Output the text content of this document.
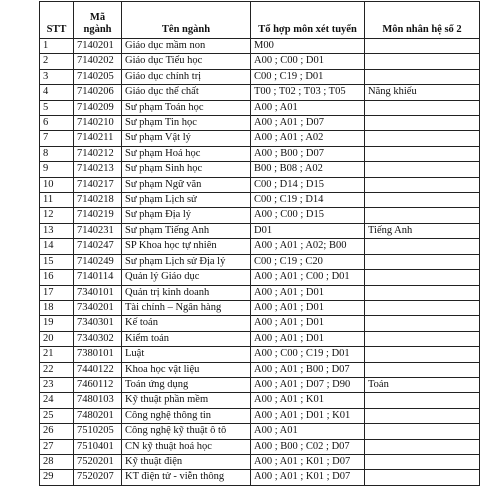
STT	Mã ngành	Tên ngành	Tổ hợp môn xét tuyển	Môn nhân hệ số 2
1	7140201	Giáo dục mầm non	M00	
2	7140202	Giáo dục Tiểu học	A00 ; C00 ; D01	
3	7140205	Giáo dục chính trị	C00 ; C19 ; D01	
4	7140206	Giáo dục thể chất	T00 ; T02 ; T03 ; T05	Năng khiếu
5	7140209	Sư phạm Toán học	A00 ; A01	
6	7140210	Sư phạm Tin học	A00 ; A01 ; D07	
7	7140211	Sư phạm Vật lý	A00 ; A01 ; A02	
8	7140212	Sư phạm Hoá học	A00 ; B00 ; D07	
9	7140213	Sư phạm Sinh học	B00 ; B08 ; A02	
10	7140217	Sư phạm Ngữ văn	C00 ; D14 ; D15	
11	7140218	Sư phạm Lịch sử	C00 ; C19 ; D14	
12	7140219	Sư phạm Địa lý	A00 ; C00 ; D15	
13	7140231	Sư phạm Tiếng Anh	D01	Tiếng Anh
14	7140247	SP Khoa học tự nhiên	A00 ; A01 ; A02; B00	
15	7140249	Sư phạm Lịch sử Địa lý	C00 ; C19 ; C20	
16	7140114	Quản lý Giáo dục	A00 ; A01 ; C00 ; D01	
17	7340101	Quản trị kinh doanh	A00 ; A01 ; D01	
18	7340201	Tài chính – Ngân hàng	A00 ; A01 ; D01	
19	7340301	Kế toán	A00 ; A01 ; D01	
20	7340302	Kiểm toán	A00 ; A01 ; D01	
21	7380101	Luật	A00 ; C00 ; C19 ; D01	
22	7440122	Khoa học vật liệu	A00 ; A01 ; B00 ; D07	
23	7460112	Toán ứng dụng	A00 ; A01 ; D07 ; D90	Toán
24	7480103	Kỹ thuật phần mềm	A00 ; A01 ; K01	
25	7480201	Công nghệ thông tin	A00 ; A01 ; D01 ; K01	
26	7510205	Công nghệ kỹ thuật ô tô	A00 ; A01	
27	7510401	CN kỹ thuật hoá học	A00 ; B00 ; C02 ; D07	
28	7520201	Kỹ thuật điện	A00 ; A01 ; K01 ; D07	
29	7520207	KT điện tử - viễn thông	A00 ; A01 ; K01 ; D07	
